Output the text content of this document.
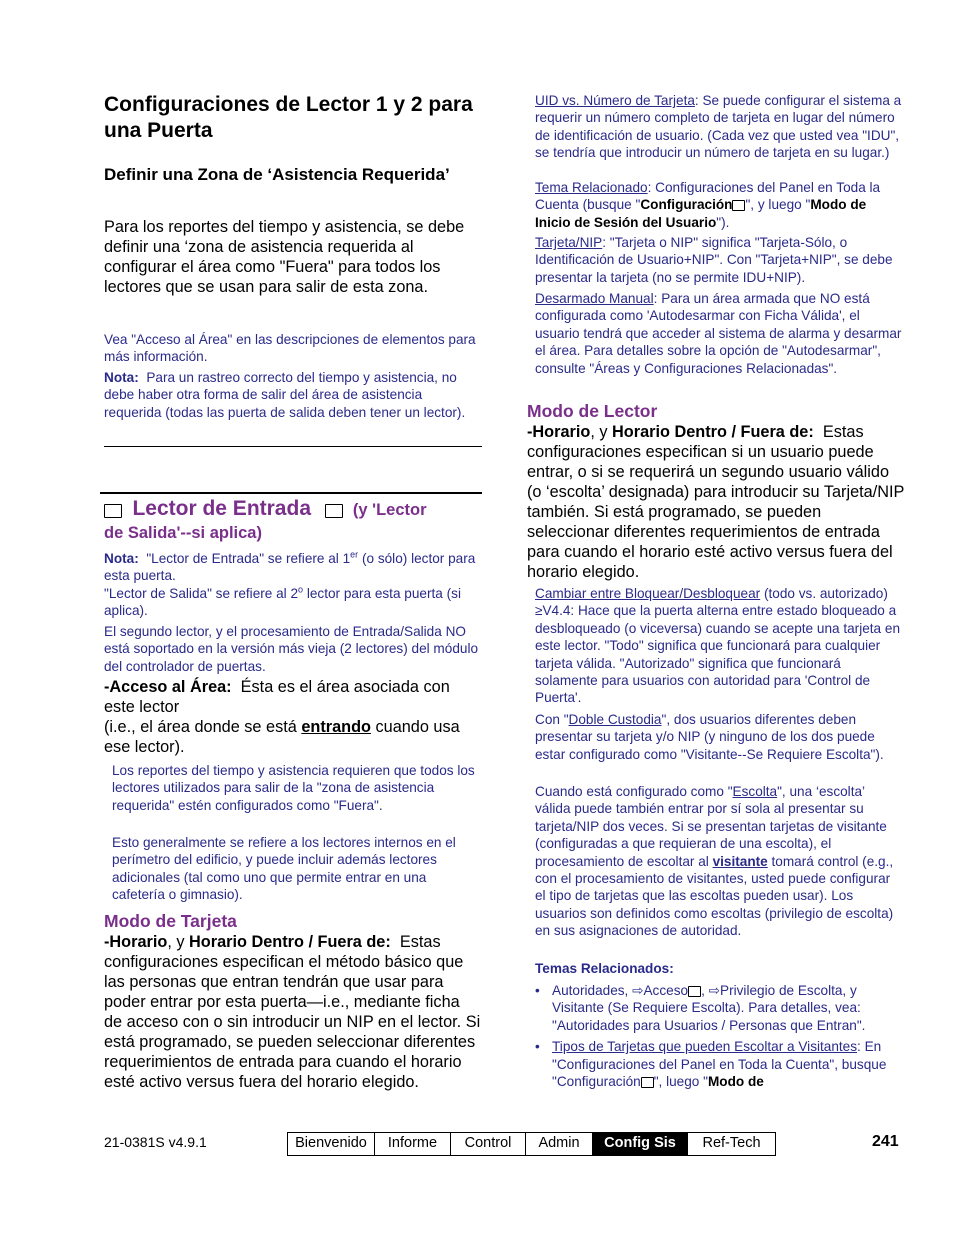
Configuraciones de Lector 1 y 2 para una Puerta
Definir una Zona de ‘Asistencia Requerida’

Para los reportes del tiempo y asistencia, se debe definir una ‘zona de asistencia requerida al configurar el área como "Fuera" para todos los lectores que se usan para salir de esta zona.

Vea "Acceso al Área" en las descripciones de elementos para más información.

Nota: Para un rastreo correcto del tiempo y asistencia, no debe haber otra forma de salir del área de asistencia requerida (todas las puerta de salida deben tener un lector).

Lector de Entrada	(y 'Lector
de Salida'--si aplica)

Nota: "Lector de Entrada" se refiere al 1er (o sólo) lector para esta puerta.
"Lector de Salida" se refiere al 2$^o$ lector para esta puerta (si aplica).

El segundo lector, y el procesamiento de Entrada/Salida NO está soportado en la versión más vieja (2 lectores) del módulo del controlador de puertas.

-Acceso al Área: Ésta es el área asociada con este lector
(i.e., el área donde se está entrando cuando usa ese lector).

Los reportes del tiempo y asistencia requieren que todos los lectores utilizados para salir de la "zona de asistencia requerida" estén configurados como "Fuera".

Esto generalmente se refiere a los lectores internos en el perímetro del edificio, y puede incluir además lectores adicionales (tal como uno que permite entrar en una cafetería o gimnasio).

Modo de Tarjeta

-Horario, y Horario Dentro / Fuera de: Estas configuraciones especifican el método básico que las personas que entran tendrán que usar para poder entrar por esta puerta—i.e., mediante ficha de acceso con o sin introducir un NIP en el lector. Si está programado, se pueden seleccionar diferentes requerimientos de entrada para cuando el horario esté activo versus fuera del horario elegido.

UID vs. Número de Tarjeta: Se puede configurar el sistema a requerir un número completo de tarjeta en lugar del número de identificación de usuario. (Cada vez que usted vea "IDU", se tendría que introducir un número de tarjeta en su lugar.)

Tema Relacionado: Configuraciones del Panel en Toda la Cuenta (busque "Configuración ", y luego "Modo de Inicio de Sesión del Usuario").

Tarjeta/NIP: "Tarjeta o NIP" significa "Tarjeta-Sólo, o Identificación de Usuario+NIP". Con "Tarjeta+NIP", se debe presentar la tarjeta (no se permite IDU+NIP).

Desarmado Manual: Para un área armada que NO está configurada como 'Autodesarmar con Ficha Válida', el usuario tendrá que acceder al sistema de alarma y desarmar el área. Para detalles sobre la opción de "Autodesarmar", consulte "Áreas y Configuraciones Relacionadas".

Modo de Lector

-Horario, y Horario Dentro / Fuera de: Estas configuraciones especifican si un usuario puede entrar, o si se requerirá un segundo usuario válido (o ‘escolta’ designada) para introducir su Tarjeta/NIP también. Si está programado, se pueden seleccionar diferentes requerimientos de entrada para cuando el horario esté activo versus fuera del horario elegido.

Cambiar entre Bloquear/Desbloquear (todo vs. autorizado) ≥V4.4: Hace que la puerta alterna entre estado bloqueado a desbloqueado (o viceversa) cuando se acepte una tarjeta en este lector. "Todo" significa que funcionará para cualquier tarjeta válida. "Autorizado" significa que funcionará solamente para usuarios con autoridad para 'Control de Puerta'.

Con "Doble Custodia", dos usuarios diferentes deben presentar su tarjeta y/o NIP (y ninguno de los dos puede estar configurado como "Visitante--Se Requiere Escolta").

Cuando está configurado como "Escolta", una ‘escolta’ válida puede también entrar por sí sola al presentar su tarjeta/NIP dos veces. Si se presentan tarjetas de visitante (configuradas a que requieran de una escolta), el procesamiento de escoltar al visitante tomará control (e.g., con el procesamiento de visitantes, usted puede configurar el tipo de tarjetas que las escoltas pueden usar). Los usuarios son definidos como escoltas (privilegio de escolta) en sus asignaciones de autoridad.

Temas Relacionados:
• Autoridades, ⇨Acceso , ⇨Privilegio de Escolta, y Visitante (Se Requiere Escolta). Para detalles, vea: "Autoridades para Usuarios / Personas que Entran".
• Tipos de Tarjetas que pueden Escoltar a Visitantes: En "Configuraciones del Panel en Toda la Cuenta", busque "Configuración ", luego "Modo de
21-0381S v4.9.1	Bienvenido	Informe	Control	Admin	Config Sis	Ref-Tech	241
